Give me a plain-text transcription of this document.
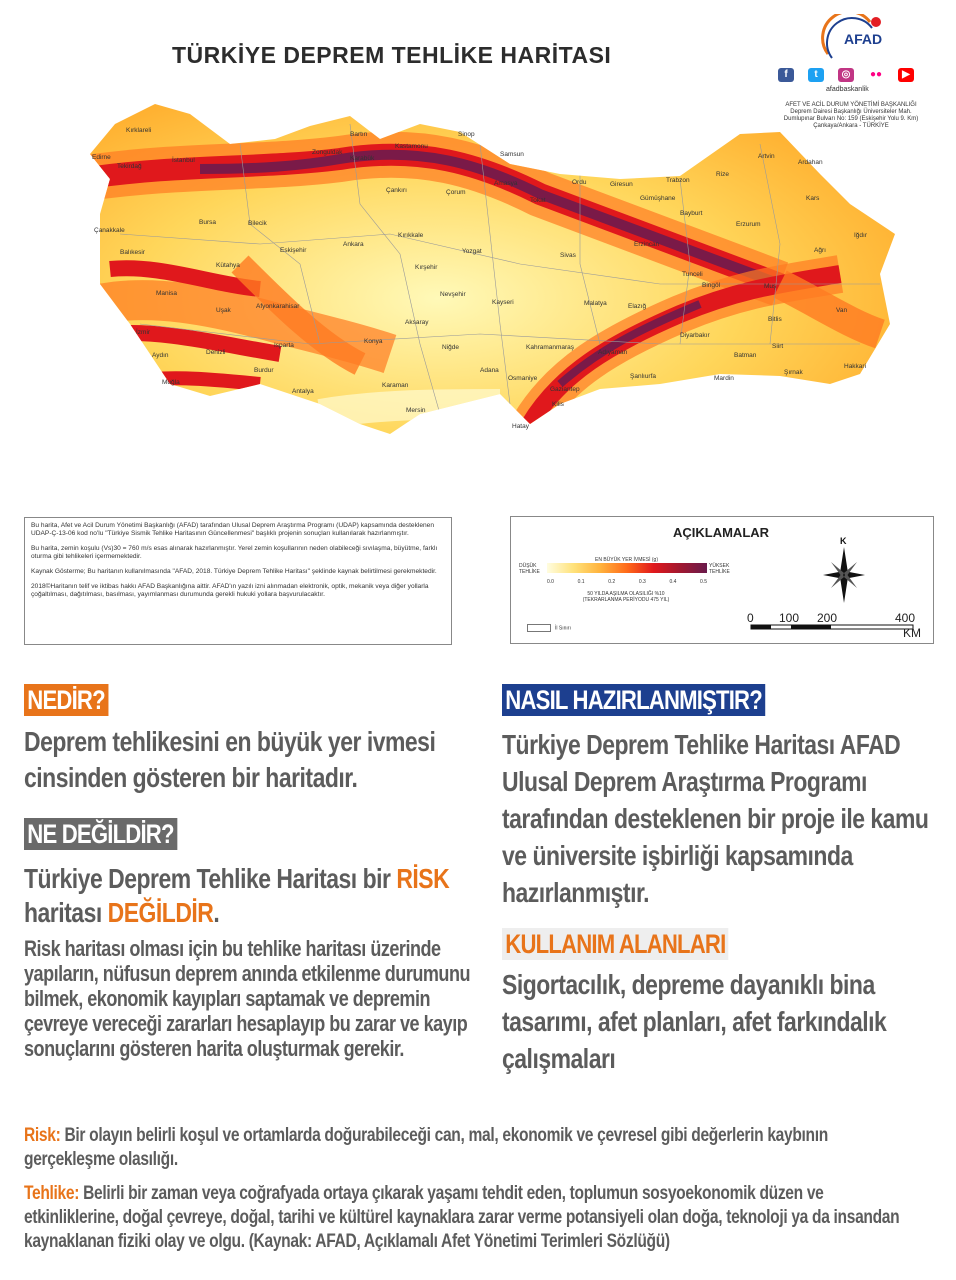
TÜRKİYE DEPREM TEHLİKE HARİTASI
AFAD
f	t	◎	●●	▶
afadbaskanlik
AFET VE ACİL DURUM YÖNETİMİ BAŞKANLIĞI Deprem Dairesi Başkanlığı Üniversiteler Mah. Dumlupınar Bulvarı No: 159 (Eskişehir Yolu 9. Km) Çankaya/Ankara - TÜRKİYE
Kırklareli
Edirne
Tekirdağ
İstanbul
Bartın	Sinop
Kastamonu
Zonguldak
Karabük
Samsun	Artvin
Ardahan
Rize
Trabzon
Ordu	Giresun
Gümüşhane
Bayburt
Kars
Çankırı	Çorum
Amasya
Tokat
Bursa	Bilecik
Çanakkale
Erzurum
Iğdır
Erzincan
Ağrı
Ankara
Kırıkkale
Yozgat
Sivas
Eskişehir
Balıkesir
Kütahya	Kırşehir
Tunceli
Bingöl	Muş
Nevşehir
Kayseri
Manisa
Uşak
Afyonkarahisar	Malatya	Elazığ
Bitlis
Van
Aksaray
İzmir
Niğde
Diyarbakır
Isparta
Konya
Aydın	Denizli
Siirt
Kahramanmaraş
Adıyaman	Batman
Burdur	Adana
Hakkari
Şırnak
Muğla
Osmaniye	Şanlıurfa	Mardin
Karaman
Gaziantep
Antalya
Kilis
Mersin
Hatay

Bu harita, Afet ve Acil Durum Yönetimi Başkanlığı (AFAD) tarafından Ulusal Deprem Araştırma Programı (UDAP) kapsamında desteklenen UDAP-Ç-13-06 kod no'lu "Türkiye Sismik Tehlike Haritasının Güncellenmesi" başlıklı projenin sonuçları kullanılarak hazırlanmıştır.

Bu harita, zemin koşulu (Vs)30 = 760 m/s esas alınarak hazırlanmıştır. Yerel zemin koşullarının neden olabileceği sıvılaşma, büyütme, farklı oturma gibi tehlikeleri içermemektedir.

Kaynak Gösterme; Bu haritanın kullanılmasında "AFAD, 2018. Türkiye Deprem Tehlike Haritası" şeklinde kaynak belirtilmesi gerekmektedir.

2018©Haritanın telif ve iktibas hakkı AFAD Başkanlığına aittir. AFAD'ın yazılı izni alınmadan elektronik, optik, mekanik veya diğer yollarla çoğaltılması, dağıtılması, basılması, yayımlanması durumunda gerekli hukuki yollara başvurulacaktır.

AÇIKLAMALAR
EN BÜYÜK YER İVMESİ (g)
DÜŞÜK TEHLİKE
YÜKSEK TEHLİKE
0.0	0.1	0.2	0.3	0.4	0.5
50 YILDA AŞILMA OLASILIĞI %10 (TEKRARLANMA PERİYODU 475 YIL)
İl Sınırı
K
0 100 200	400
KM
NEDİR?
Deprem tehlikesini en büyük yer ivmesi cinsinden gösteren bir haritadır.
NE DEĞİLDİR?
Türkiye Deprem Tehlike Haritası bir RİSK
haritası DEĞİLDİR.
Risk haritası olması için bu tehlike haritası üzerinde yapıların, nüfusun deprem anında etkilenme durumunu bilmek, ekonomik kayıpları saptamak ve depremin çevreye vereceği zararları hesaplayıp bu zarar ve kayıp sonuçlarını gösteren harita oluşturmak gerekir.
NASIL HAZIRLANMIŞTIR?
Türkiye Deprem Tehlike Haritası AFAD Ulusal Deprem Araştırma Programı tarafından desteklenen bir proje ile kamu ve üniversite işbirliği kapsamında hazırlanmıştır.
KULLANIM ALANLARI
Sigortacılık, depreme dayanıklı bina tasarımı, afet planları, afet farkındalık çalışmaları
Risk: Bir olayın belirli koşul ve ortamlarda doğurabileceği can, mal, ekonomik ve çevresel gibi değerlerin kaybının gerçekleşme olasılığı.
Tehlike: Belirli bir zaman veya coğrafyada ortaya çıkarak yaşamı tehdit eden, toplumun sosyoekonomik düzen ve etkinliklerine, doğal çevreye, doğal, tarihi ve kültürel kaynaklara zarar verme potansiyeli olan doğa, teknoloji ya da insandan kaynaklanan fiziki olay ve olgu. (Kaynak: AFAD, Açıklamalı Afet Yönetimi Terimleri Sözlüğü)
